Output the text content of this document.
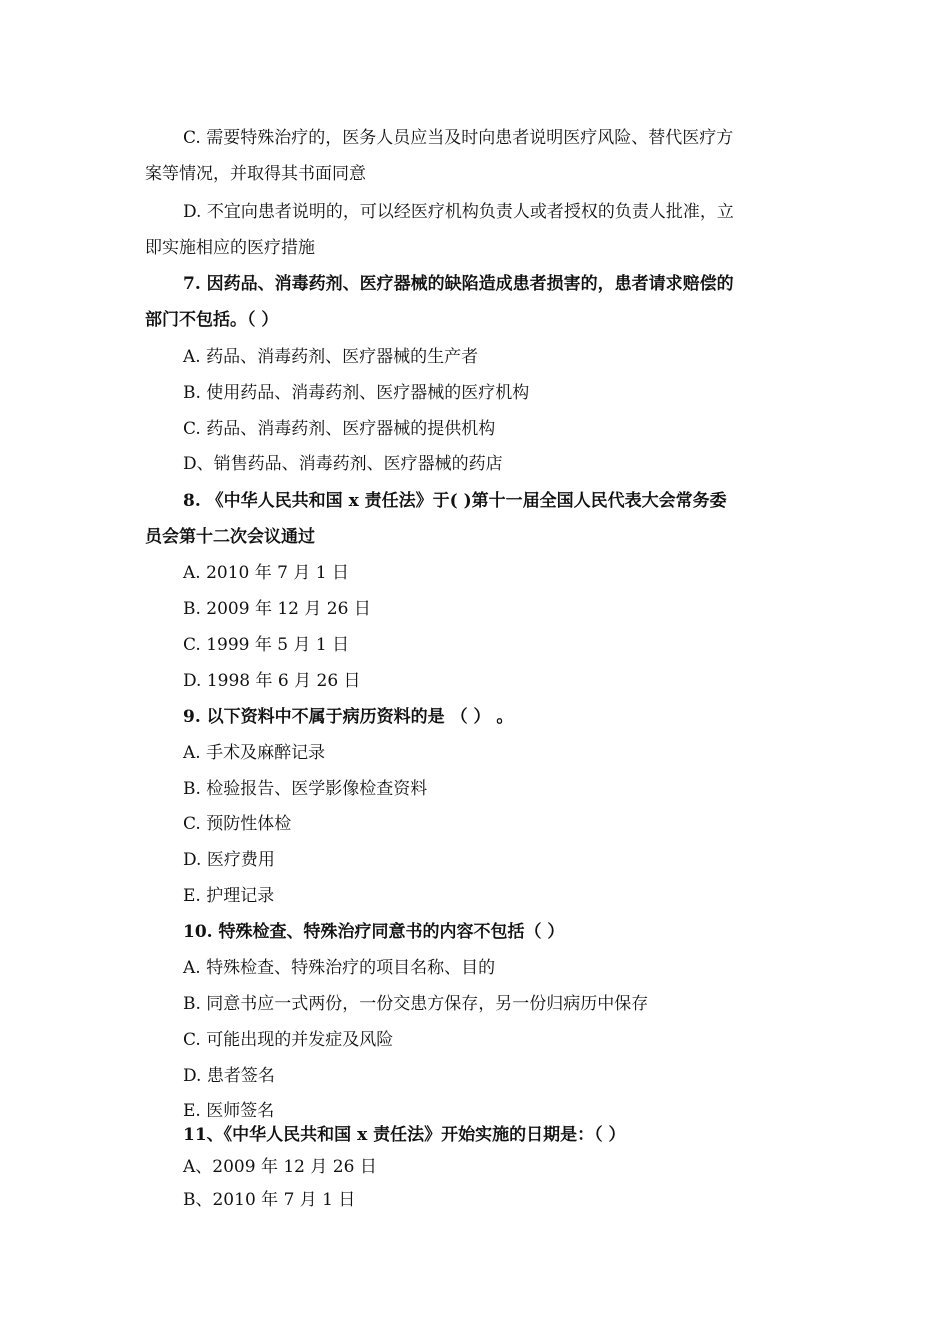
C. 需要特殊治疗的，医务人员应当及时向患者说明医疗风险、替代医疗方
案等情况，并取得其书面同意
D. 不宜向患者说明的，可以经医疗机构负责人或者授权的负责人批准，立
即实施相应的医疗措施
7. 因药品、消毒药剂、医疗器械的缺陷造成患者损害的，患者请求赔偿的
部门不包括。（ ）
A. 药品、消毒药剂、医疗器械的生产者
B. 使用药品、消毒药剂、医疗器械的医疗机构
C. 药品、消毒药剂、医疗器械的提供机构
D、销售药品、消毒药剂、医疗器械的药店
8. 《中华人民共和国 x 责任法》于( )第十一届全国人民代表大会常务委
员会第十二次会议通过
A. 2010 年 7 月 1 日
B. 2009 年 12 月 26 日
C. 1999 年 5 月 1 日
D. 1998 年 6 月 26 日
9. 以下资料中不属于病历资料的是 （ ） 。
A. 手术及麻醉记录
B. 检验报告、医学影像检查资料
C. 预防性体检
D. 医疗费用
E. 护理记录
10. 特殊检查、特殊治疗同意书的内容不包括（ ）
A. 特殊检查、特殊治疗的项目名称、目的
B. 同意书应一式两份，一份交患方保存，另一份归病历中保存
C. 可能出现的并发症及风险
D. 患者签名
E. 医师签名
11、《中华人民共和国 x 责任法》开始实施的日期是：（ ）
A、2009 年 12 月 26 日
B、2010 年 7 月 1 日
